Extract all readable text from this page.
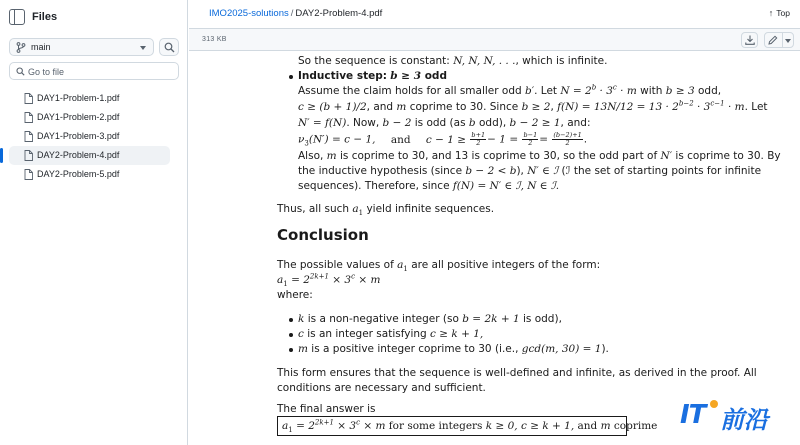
Files
main
Go to file
DAY1-Problem-1.pdf
DAY1-Problem-2.pdf
DAY1-Problem-3.pdf
DAY2-Problem-4.pdf
DAY2-Problem-5.pdf
IMO2025-solutions / DAY2-Problem-4.pdf	↑ Top
313 KB
So the sequence is constant: N, N, N, . . ., which is infinite.
Inductive step: b ≥ 3 odd
Assume the claim holds for all smaller odd b′. Let $N = 2^b \cdot 3^c \cdot m$ with b ≥ 3 odd,
c ≥ (b + 1)/2, and m coprime to 30. Since b ≥ 2, $f(N) = 13N/12 = 13 \cdot 2^{b-2} \cdot 3^{c-1} \cdot m$. Let
N′ = f(N). Now, b − 2 is odd (as b odd), b − 2 ≥ 1, and:
$\nu_3(N') = c - 1$, and $c - 1 \ge \frac{b+1}{2} - 1 = \frac{b-1}{2} = \frac{(b-2)+1}{2}$ .
Also, m is coprime to 30, and 13 is coprime to 30, so the odd part of N′ is coprime to 30. By
the inductive hypothesis (since b − 2 < b), N′ ∈ ℐ (ℐ the set of starting points for infinite
sequences). Therefore, since f(N) = N′ ∈ ℐ, N ∈ ℐ.
Thus, all such $a_1$ yield infinite sequences.
Conclusion
The possible values of $a_1$ are all positive integers of the form:
$a_1 = 2^{2k+1} \times 3^c \times m$
where:
k is a non-negative integer (so b = 2k + 1 is odd),
c is an integer satisfying c ≥ k + 1,
m is a positive integer coprime to 30 (i.e., gcd(m, 30) = 1).
This form ensures that the sequence is well-defined and infinite, as derived in the proof. All
conditions are necessary and sufficient.
The final answer is
$a_1 = 2^{2k+1} \times 3^c \times m$ for some integers k ≥ 0, c ≥ k + 1, and m coprime IT 前沿
